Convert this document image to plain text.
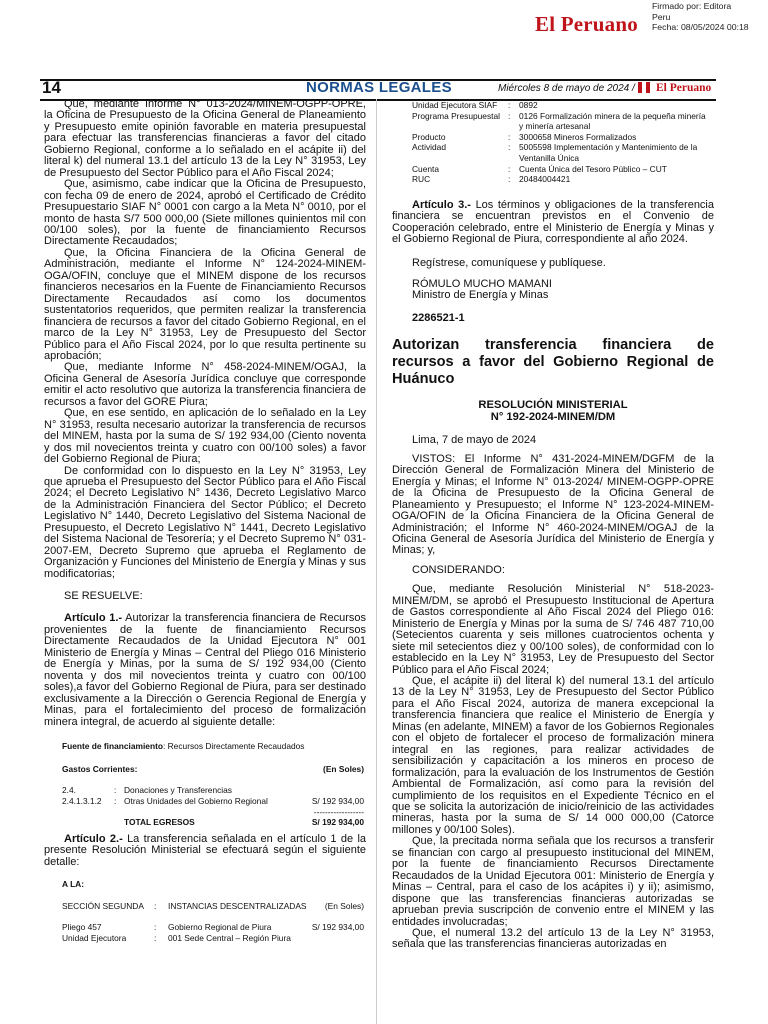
El Peruano
Firmado por: Editora
Peru
Fecha: 08/05/2024 00:18
14	NORMAS LEGALES	Miércoles 8 de mayo de 2024 / El Peruano

Que, mediante Informe N° 013-2024/MINEM-OGPP-OPRE, la Oficina de Presupuesto de la Oficina General de Planeamiento y Presupuesto emite opinión favorable en materia presupuestal para efectuar las transferencias financieras a favor del citado Gobierno Regional, conforme a lo señalado en el acápite ii) del literal k) del numeral 13.1 del artículo 13 de la Ley N° 31953, Ley de Presupuesto del Sector Público para el Año Fiscal 2024;

Que, asimismo, cabe indicar que la Oficina de Presupuesto, con fecha 09 de enero de 2024, aprobó el Certificado de Crédito Presupuestario SIAF N° 0001 con cargo a la Meta N° 0010, por el monto de hasta S/7 500 000,00 (Siete millones quinientos mil con 00/100 soles), por la fuente de financiamiento Recursos Directamente Recaudados;

Que, la Oficina Financiera de la Oficina General de Administración, mediante el Informe N° 124-2024-MINEM-OGA/OFIN, concluye que el MINEM dispone de los recursos financieros necesarios en la Fuente de Financiamiento Recursos Directamente Recaudados así como los documentos sustentatorios requeridos, que permiten realizar la transferencia financiera de recursos a favor del citado Gobierno Regional, en el marco de la Ley N° 31953, Ley de Presupuesto del Sector Público para el Año Fiscal 2024, por lo que resulta pertinente su aprobación;

Que, mediante Informe N° 458-2024-MINEM/OGAJ, la Oficina General de Asesoría Jurídica concluye que corresponde emitir el acto resolutivo que autoriza la transferencia financiera de recursos a favor del GORE Piura;

Que, en ese sentido, en aplicación de lo señalado en la Ley N° 31953, resulta necesario autorizar la transferencia de recursos del MINEM, hasta por la suma de S/ 192 934,00 (Ciento noventa y dos mil novecientos treinta y cuatro con 00/100 soles) a favor del Gobierno Regional de Piura;

De conformidad con lo dispuesto en la Ley N° 31953, Ley que aprueba el Presupuesto del Sector Público para el Año Fiscal 2024; el Decreto Legislativo N° 1436, Decreto Legislativo Marco de la Administración Financiera del Sector Público; el Decreto Legislativo N° 1440, Decreto Legislativo del Sistema Nacional de Presupuesto, el Decreto Legislativo N° 1441, Decreto Legislativo del Sistema Nacional de Tesorería; y el Decreto Supremo N° 031-2007-EM, Decreto Supremo que aprueba el Reglamento de Organización y Funciones del Ministerio de Energía y Minas y sus modificatorias;

SE RESUELVE:

Artículo 1.- Autorizar la transferencia financiera de Recursos provenientes de la fuente de financiamiento Recursos Directamente Recaudados de la Unidad Ejecutora N° 001 Ministerio de Energía y Minas – Central del Pliego 016 Ministerio de Energía y Minas, por la suma de S/ 192 934,00 (Ciento noventa y dos mil novecientos treinta y cuatro con 00/100 soles),a favor del Gobierno Regional de Piura, para ser destinado exclusivamente a la Dirección o Gerencia Regional de Energía y Minas, para el fortalecimiento del proceso de formalización minera integral, de acuerdo al siguiente detalle:

Fuente de financiamiento: Recursos Directamente Recaudados
Gastos Corrientes:	(En Soles)
2.4.	:	Donaciones y Transferencias	
2.4.1.3.1.2	:	Otras Unidades del Gobierno Regional	S/ 192 934,00
			------------------
		TOTAL EGRESOS	S/ 192 934,00

Artículo 2.- La transferencia señalada en el artículo 1 de la presente Resolución Ministerial se efectuará según el siguiente detalle:

A LA:
SECCIÓN SEGUNDA	:	INSTANCIAS DESCENTRALIZADAS	(En Soles)
Pliego 457	:	Gobierno Regional de Piura	S/ 192 934,00
Unidad Ejecutora	:	001 Sede Central – Región Piura	
Unidad Ejecutora SIAF	:	0892
Programa Presupuestal	:	0126 Formalización minera de la pequeña minería y minería artesanal
Producto	:	3000658 Mineros Formalizados
Actividad	:	5005598 Implementación y Mantenimiento de la Ventanilla Única
Cuenta	:	Cuenta Única del Tesoro Público – CUT
RUC	:	20484004421

Artículo 3.- Los términos y obligaciones de la transferencia financiera se encuentran previstos en el Convenio de Cooperación celebrado, entre el Ministerio de Energía y Minas y el Gobierno Regional de Piura, correspondiente al año 2024.

Regístrese, comuníquese y publíquese.

RÓMULO MUCHO MAMANI

Ministro de Energía y Minas

2286521-1

Autorizan transferencia financiera de recursos a favor del Gobierno Regional de Huánuco
RESOLUCIÓN MINISTERIAL
N° 192-2024-MINEM/DM

Lima, 7 de mayo de 2024

VISTOS: El Informe N° 431-2024-MINEM/DGFM de la Dirección General de Formalización Minera del Ministerio de Energía y Minas; el Informe N° 013-2024/ MINEM-OGPP-OPRE de la Oficina de Presupuesto de la Oficina General de Planeamiento y Presupuesto; el Informe N° 123-2024-MINEM-OGA/OFIN de la Oficina Financiera de la Oficina General de Administración; el Informe N° 460-2024-MINEM/OGAJ de la Oficina General de Asesoría Jurídica del Ministerio de Energía y Minas; y,

CONSIDERANDO:

Que, mediante Resolución Ministerial N° 518-2023-MINEM/DM, se aprobó el Presupuesto Institucional de Apertura de Gastos correspondiente al Año Fiscal 2024 del Pliego 016: Ministerio de Energía y Minas por la suma de S/ 746 487 710,00 (Setecientos cuarenta y seis millones cuatrocientos ochenta y siete mil setecientos diez y 00/100 soles), de conformidad con lo establecido en la Ley N° 31953, Ley de Presupuesto del Sector Público para el Año Fiscal 2024;

Que, el acápite ii) del literal k) del numeral 13.1 del artículo 13 de la Ley N° 31953, Ley de Presupuesto del Sector Público para el Año Fiscal 2024, autoriza de manera excepcional la transferencia financiera que realice el Ministerio de Energía y Minas (en adelante, MINEM) a favor de los Gobiernos Regionales con el objeto de fortalecer el proceso de formalización minera integral en las regiones, para realizar actividades de sensibilización y capacitación a los mineros en proceso de formalización, para la evaluación de los Instrumentos de Gestión Ambiental de Formalización, así como para la revisión del cumplimiento de los requisitos en el Expediente Técnico en el que se solicita la autorización de inicio/reinicio de las actividades mineras, hasta por la suma de S/ 14 000 000,00 (Catorce millones y 00/100 Soles).

Que, la precitada norma señala que los recursos a transferir se financian con cargo al presupuesto institucional del MINEM, por la fuente de financiamiento Recursos Directamente Recaudados de la Unidad Ejecutora 001: Ministerio de Energía y Minas – Central, para el caso de los acápites i) y ii); asimismo, dispone que las transferencias financieras autorizadas se aprueban previa suscripción de convenio entre el MINEM y las entidades involucradas;

Que, el numeral 13.2 del artículo 13 de la Ley N° 31953, señala que las transferencias financieras autorizadas en
